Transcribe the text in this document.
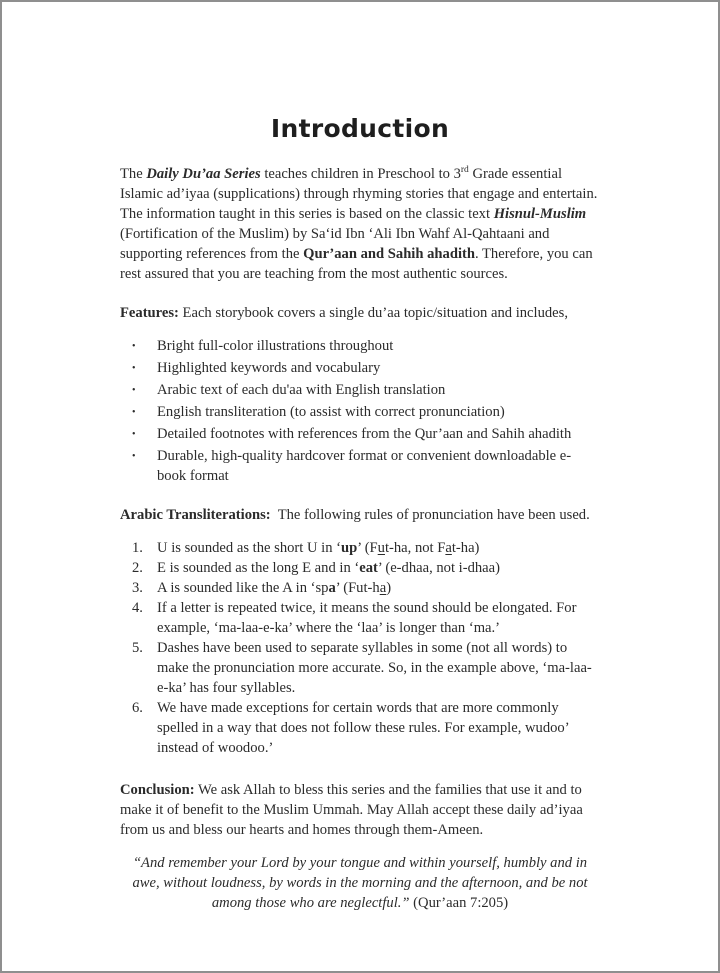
Introduction

The Daily Du’aa Series teaches children in Preschool to 3rd Grade essential Islamic ad’iyaa (supplications) through rhyming stories that engage and entertain. The information taught in this series is based on the classic text Hisnul-Muslim (Fortification of the Muslim) by Sa‘id Ibn ‘Ali Ibn Wahf Al-Qahtaani and supporting references from the Qur’aan and Sahih ahadith. Therefore, you can rest assured that you are teaching from the most authentic sources.

Features: Each storybook covers a single du’aa topic/situation and includes,

•	Bright full-color illustrations throughout
•	Highlighted keywords and vocabulary
•	Arabic text of each du'aa with English translation
•	English transliteration (to assist with correct pronunciation)
•	Detailed footnotes with references from the Qur’aan and Sahih ahadith
•	Durable, high-quality hardcover format or convenient downloadable e-book format

Arabic Transliterations:  The following rules of pronunciation have been used.

1. U is sounded as the short U in ‘up’ (Fut-ha, not Fat-ha)
2. E is sounded as the long E and in ‘eat’ (e-dhaa, not i-dhaa)
3. A is sounded like the A in ‘spa’ (Fut-ha)
4. If a letter is repeated twice, it means the sound should be elongated. For example, ‘ma-laa-e-ka’ where the ‘laa’ is longer than ‘ma.’
5. Dashes have been used to separate syllables in some (not all words) to make the pronunciation more accurate. So, in the example above, ‘ma-laa-e-ka’ has four syllables.
6. We have made exceptions for certain words that are more commonly spelled in a way that does not follow these rules. For example, wudoo’ instead of woodoo.’

Conclusion: We ask Allah to bless this series and the families that use it and to make it of benefit to the Muslim Ummah. May Allah accept these daily ad’iyaa from us and bless our hearts and homes through them-Ameen.

“And remember your Lord by your tongue and within yourself, humbly and in awe, without loudness, by words in the morning and the afternoon, and be not among those who are neglectful.” (Qur’aan 7:205)
